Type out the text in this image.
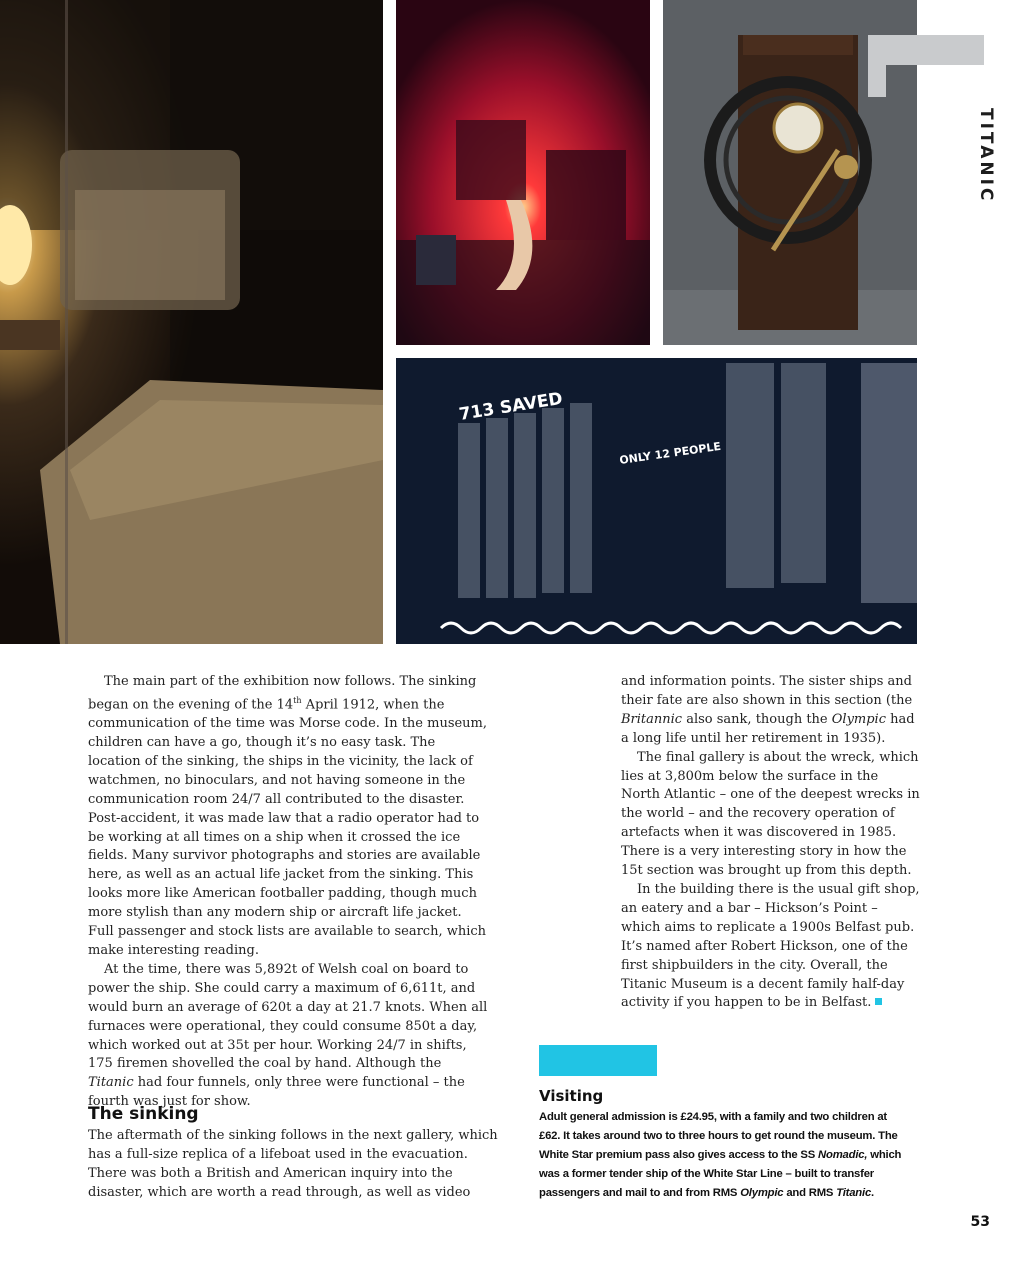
713 SAVED
ONLY 12 PEOPLE
TITANIC

The main part of the exhibition now follows. The sinking began on the evening of the 14th April 1912, when the communication of the time was Morse code. In the museum, children can have a go, though it’s no easy task. The location of the sinking, the ships in the vicinity, the lack of watchmen, no binoculars, and not having someone in the communication room 24/7 all contributed to the disaster. Post-accident, it was made law that a radio operator had to be working at all times on a ship when it crossed the ice fields. Many survivor photographs and stories are available here, as well as an actual life jacket from the sinking. This looks more like American footballer padding, though much more stylish than any modern ship or aircraft life jacket. Full passenger and stock lists are available to search, which make interesting reading.

At the time, there was 5,892t of Welsh coal on board to power the ship. She could carry a maximum of 6,611t, and would burn an average of 620t a day at 21.7 knots. When all furnaces were operational, they could consume 850t a day, which worked out at 35t per hour. Working 24/7 in shifts, 175 firemen shovelled the coal by hand. Although the Titanic had four funnels, only three were functional – the fourth was just for show.

The sinking

The aftermath of the sinking follows in the next gallery, which has a full-size replica of a lifeboat used in the evacuation. There was both a British and American inquiry into the disaster, which are worth a read through, as well as video

and information points. The sister ships and their fate are also shown in this section (the Britannic also sank, though the Olympic had a long life until her retirement in 1935).

The final gallery is about the wreck, which lies at 3,800m below the surface in the North Atlantic – one of the deepest wrecks in the world – and the recovery operation of artefacts when it was discovered in 1985. There is a very interesting story in how the 15t section was brought up from this depth.

In the building there is the usual gift shop, an eatery and a bar – Hickson’s Point – which aims to replicate a 1900s Belfast pub. It’s named after Robert Hickson, one of the first shipbuilders in the city. Overall, the Titanic Museum is a decent family half-day activity if you happen to be in Belfast.

Visiting
Adult general admission is £24.95, with a family and two children at £62. It takes around two to three hours to get round the museum. The White Star premium pass also gives access to the SS Nomadic, which was a former tender ship of the White Star Line – built to transfer passengers and mail to and from RMS Olympic and RMS Titanic.
53
